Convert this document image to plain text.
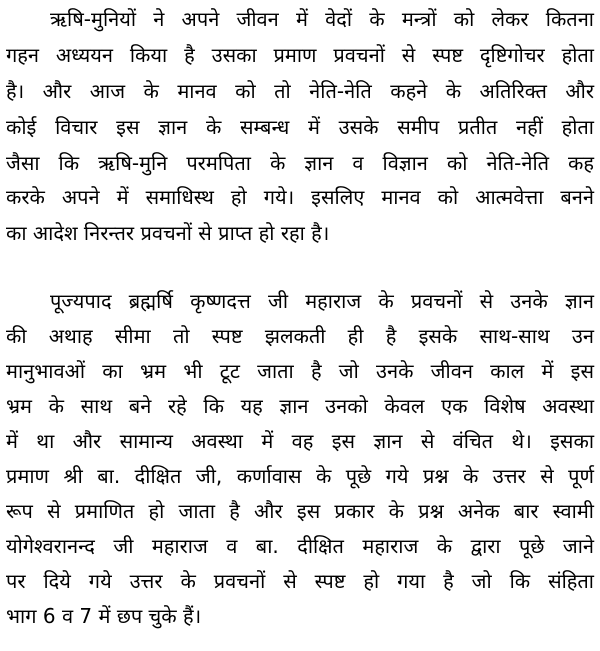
ऋषि-मुनियों ने अपने जीवन में वेदों के मन्त्रों को लेकर कितना
गहन अध्ययन किया है उसका प्रमाण प्रवचनों से स्पष्ट दृष्टिगोचर होता
है। और आज के मानव को तो नेति-नेति कहने के अतिरिक्त और
कोई विचार इस ज्ञान के सम्बन्ध में उसके समीप प्रतीत नहीं होता
जैसा कि ऋषि-मुनि परमपिता के ज्ञान व विज्ञान को नेति-नेति कह
करके अपने में समाधिस्थ हो गये। इसलिए मानव को आत्मवेत्ता बनने
का आदेश निरन्तर प्रवचनों से प्राप्त हो रहा है।
पूज्यपाद ब्रह्मर्षि कृष्णदत्त जी महाराज के प्रवचनों से उनके ज्ञान
की अथाह सीमा तो स्पष्ट झलकती ही है इसके साथ-साथ उन
मानुभावओं का भ्रम भी टूट जाता है जो उनके जीवन काल में इस
भ्रम के साथ बने रहे कि यह ज्ञान उनको केवल एक विशेष अवस्था
में था और सामान्य अवस्था में वह इस ज्ञान से वंचित थे। इसका
प्रमाण श्री बा. दीक्षित जी, कर्णावास के पूछे गये प्रश्न के उत्तर से पूर्ण
रूप से प्रमाणित हो जाता है और इस प्रकार के प्रश्न अनेक बार स्वामी
योगेश्वरानन्द जी महाराज व बा. दीक्षित महाराज के द्वारा पूछे जाने
पर दिये गये उत्तर के प्रवचनों से स्पष्ट हो गया है जो कि संहिता
भाग 6 व 7 में छप चुके हैं।
